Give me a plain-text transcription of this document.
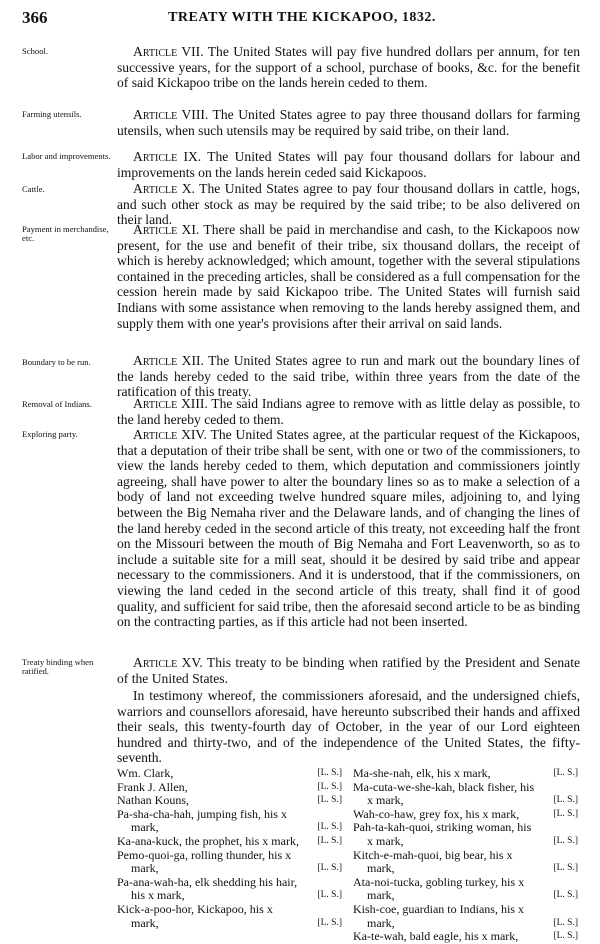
366	TREATY WITH THE KICKAPOO, 1832.
School.
Farming utensils.
Labor and improvements.
Cattle.
Payment in merchandise, etc.
Boundary to be run.
Removal of Indians.
Exploring party.
Treaty binding when ratified.

Article VII. The United States will pay five hundred dollars per annum, for ten successive years, for the support of a school, purchase of books, &c. for the benefit of said Kickapoo tribe on the lands herein ceded to them.

Article VIII. The United States agree to pay three thousand dollars for farming utensils, when such utensils may be required by said tribe, on their land.

Article IX. The United States will pay four thousand dollars for labour and improvements on the lands herein ceded said Kickapoos.

Article X. The United States agree to pay four thousand dollars in cattle, hogs, and such other stock as may be required by the said tribe; to be also delivered on their land.

Article XI. There shall be paid in merchandise and cash, to the Kickapoos now present, for the use and benefit of their tribe, six thousand dollars, the receipt of which is hereby acknowledged; which amount, together with the several stipulations contained in the preceding articles, shall be considered as a full compensation for the cession herein made by said Kickapoo tribe. The United States will furnish said Indians with some assistance when removing to the lands hereby assigned them, and supply them with one year's provisions after their arrival on said lands.

Article XII. The United States agree to run and mark out the boundary lines of the lands hereby ceded to the said tribe, within three years from the date of the ratification of this treaty.

Article XIII. The said Indians agree to remove with as little delay as possible, to the land hereby ceded to them.

Article XIV. The United States agree, at the particular request of the Kickapoos, that a deputation of their tribe shall be sent, with one or two of the commissioners, to view the lands hereby ceded to them, which deputation and commissioners jointly agreeing, shall have power to alter the boundary lines so as to make a selection of a body of land not exceeding twelve hundred square miles, adjoining to, and lying between the Big Nemaha river and the Delaware lands, and of changing the lines of the land hereby ceded in the second article of this treaty, not exceeding half the front on the Missouri between the mouth of Big Nemaha and Fort Leavenworth, so as to include a suitable site for a mill seat, should it be desired by said tribe and appear necessary to the commissioners. And it is understood, that if the commissioners, on viewing the land ceded in the second article of this treaty, shall find it of good quality, and sufficient for said tribe, then the aforesaid second article to be as binding on the contracting parties, as if this article had not been inserted.

Article XV. This treaty to be binding when ratified by the President and Senate of the United States.

In testimony whereof, the commissioners aforesaid, and the undersigned chiefs, warriors and counsellors aforesaid, have hereunto subscribed their hands and affixed their seals, this twenty-fourth day of October, in the year of our Lord eighteen hundred and thirty-two, and of the independence of the United States, the fifty-seventh.

Wm. Clark,	[L. S.]
Frank J. Allen,	[L. S.]
Nathan Kouns,	[L. S.]
Pa-sha-cha-hah, jumping fish, his x mark,	[L. S.]
Ka-ana-kuck, the prophet, his x mark, [L. S.]
Pemo-quoi-ga, rolling thunder, his x mark,	[L. S.]
Pa-ana-wah-ha, elk shedding his hair, his x mark,	[L. S.]
Kick-a-poo-hor, Kickapoo, his x mark,	[L. S.]
Ma-she-nah, elk, his x mark,	[L. S.]
Ma-cuta-we-she-kah, black fisher, his x mark,	[L. S.]
Wah-co-haw, grey fox, his x mark,	[L. S.]
Pah-ta-kah-quoi, striking woman, his x mark,	[L. S.]
Kitch-e-mah-quoi, big bear, his x mark,	[L. S.]
Ata-noi-tucka, gobling turkey, his x mark,	[L. S.]
Kish-coe, guardian to Indians, his x mark,	[L. S.]
Ka-te-wah, bald eagle, his x mark,	[L. S.]
